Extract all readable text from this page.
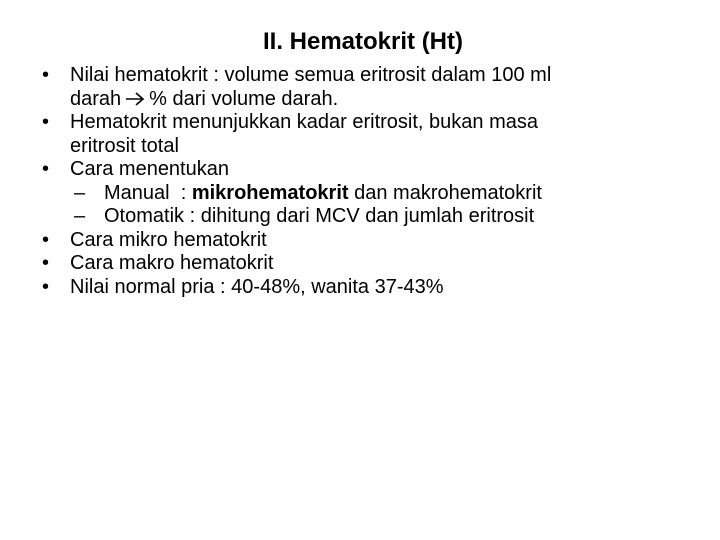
II. Hematokrit (Ht)
• Nilai hematokrit : volume semua eritrosit dalam 100 ml
darah % dari volume darah.
• Hematokrit menunjukkan kadar eritrosit, bukan masa
eritrosit total
• Cara menentukan
– Manual  : mikrohematokrit dan makrohematokrit
– Otomatik : dihitung dari MCV dan jumlah eritrosit
• Cara mikro hematokrit
• Cara makro hematokrit
• Nilai normal pria : 40-48%, wanita 37-43%
